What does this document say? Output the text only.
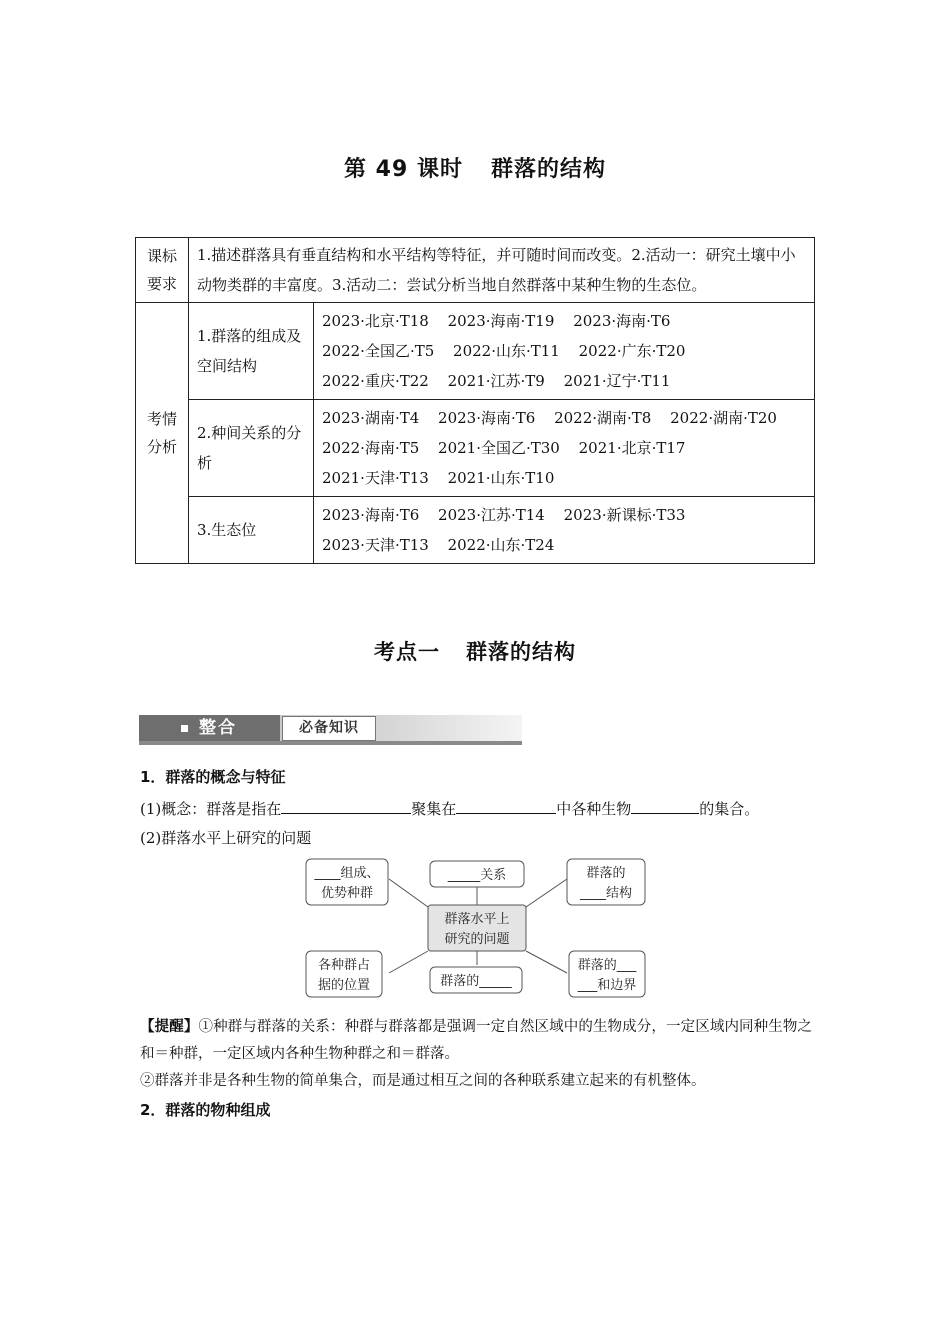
第 49 课时 群落的结构
课标
要求	1.描述群落具有垂直结构和水平结构等特征，并可随时间而改变。2.活动一：研究土壤中小动物类群的丰富度。3.活动二：尝试分析当地自然群落中某种生物的生态位。	
考情
分析	1.群落的组成及空间结构	2023·北京·T18 2023·海南·T19 2023·海南·T6 2022·全国乙·T5 2022·山东·T11 2022·广东·T20 2022·重庆·T22 2021·江苏·T9 2021·辽宁·T11
	2.种间关系的分析	2023·湖南·T4 2023·海南·T6 2022·湖南·T8 2022·湖南·T20 2022·海南·T5 2021·全国乙·T30 2021·北京·T17 2021·天津·T13 2021·山东·T10
	3.生态位	2023·海南·T6 2023·江苏·T14 2023·新课标·T33 2023·天津·T13 2022·山东·T24
考点一 群落的结构
整合	必备知识
1．群落的概念与特征
(1)概念：群落是指在	聚集在	中各种生物	的集合。
(2)群落水平上研究的问题
群落水平上
研究的问题
____组成、
优势种群
_____关系	群落的
____结构
各种群占
据的位置	群落的_____
群落的___
___和边界
【提醒】①种群与群落的关系：种群与群落都是强调一定自然区域中的生物成分，一定区域内同种生物之和＝种群，一定区域内各种生物种群之和＝群落。
②群落并非是各种生物的简单集合，而是通过相互之间的各种联系建立起来的有机整体。
2．群落的物种组成
